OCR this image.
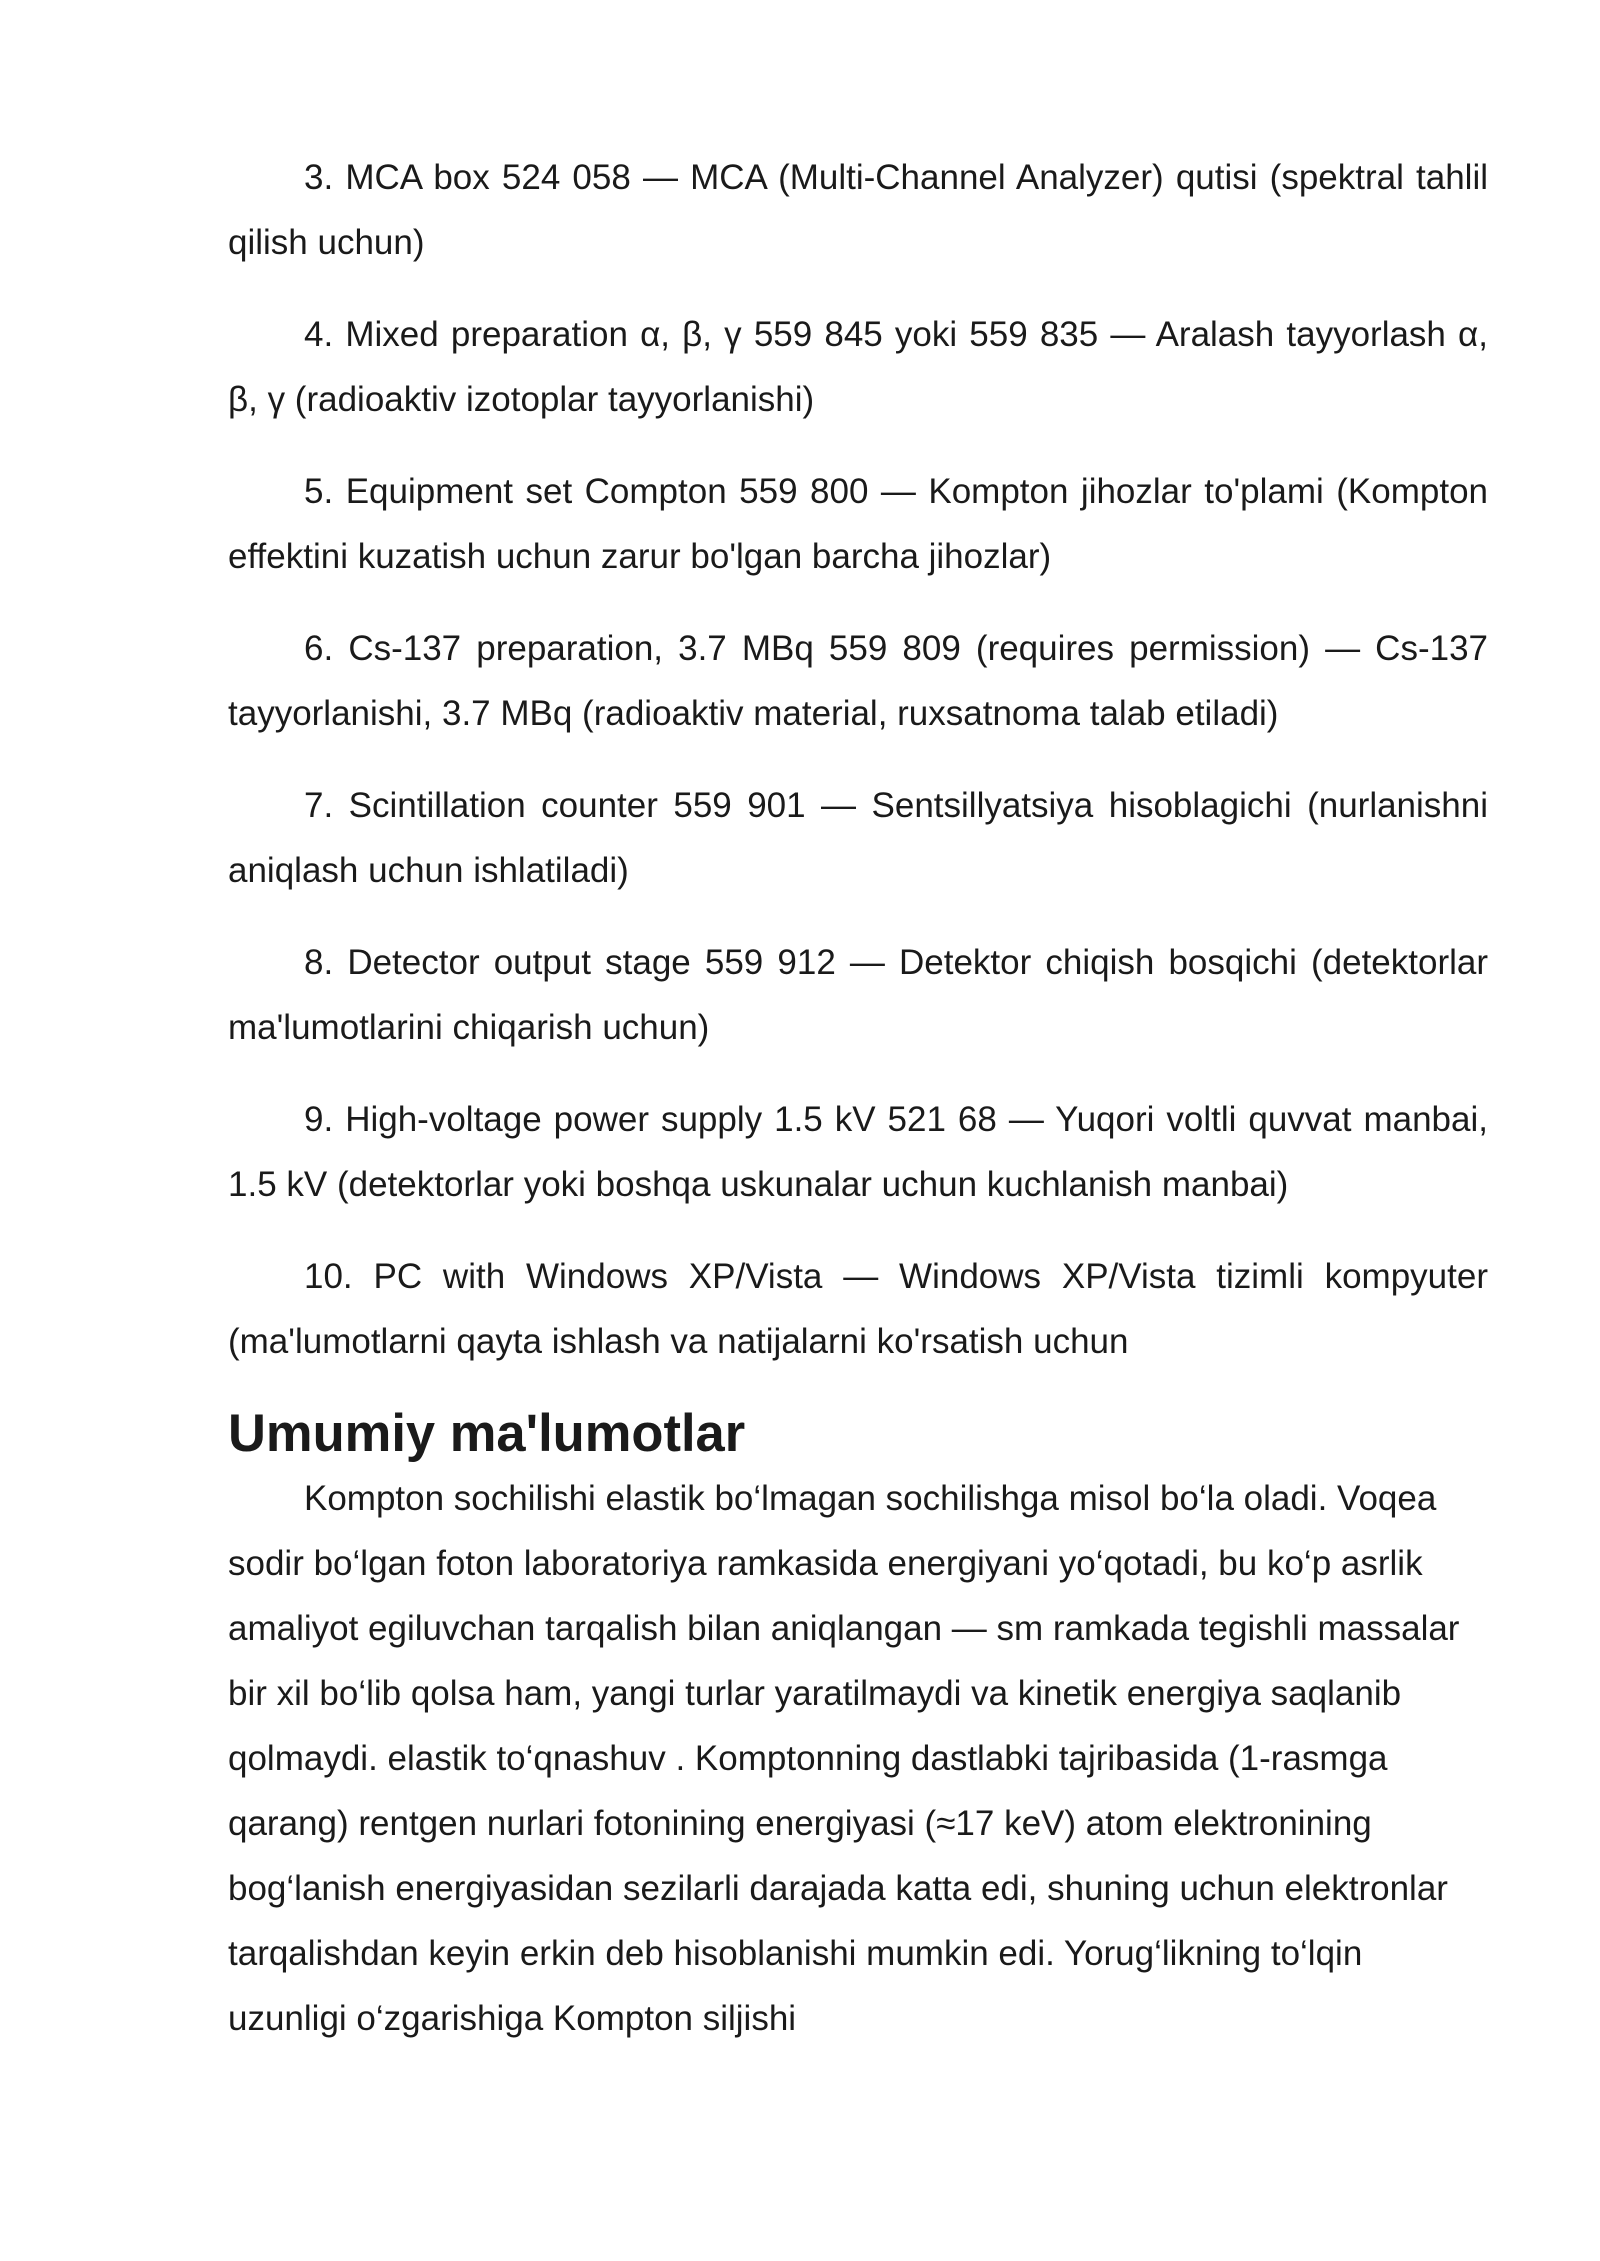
3. MCA box 524 058 — MCA (Multi-Channel Analyzer) qutisi (spektral tahlil qilish uchun)

4. Mixed preparation α, β, γ 559 845 yoki 559 835 — Aralash tayyorlash α, β, γ (radioaktiv izotoplar tayyorlanishi)

5. Equipment set Compton 559 800 — Kompton jihozlar to'plami (Kompton effektini kuzatish uchun zarur bo'lgan barcha jihozlar)

6. Cs-137 preparation, 3.7 MBq 559 809 (requires permission) — Cs-137 tayyorlanishi, 3.7 MBq (radioaktiv material, ruxsatnoma talab etiladi)

7. Scintillation counter 559 901 — Sentsillyatsiya hisoblagichi (nurlanishni aniqlash uchun ishlatiladi)

8. Detector output stage 559 912 — Detektor chiqish bosqichi (detektorlar ma'lumotlarini chiqarish uchun)

9. High-voltage power supply 1.5 kV 521 68 — Yuqori voltli quvvat manbai, 1.5 kV (detektorlar yoki boshqa uskunalar uchun kuchlanish manbai)

10. PC with Windows XP/Vista — Windows XP/Vista tizimli kompyuter (ma'lumotlarni qayta ishlash va natijalarni ko'rsatish uchun

Umumiy ma'lumotlar

Kompton sochilishi elastik bo‘lmagan sochilishga misol bo‘la oladi. Voqea sodir bo‘lgan foton laboratoriya ramkasida energiyani yo‘qotadi, bu ko‘p asrlik amaliyot egiluvchan tarqalish bilan aniqlangan — sm ramkada tegishli massalar bir xil bo‘lib qolsa ham, yangi turlar yaratilmaydi va kinetik energiya saqlanib qolmaydi. elastik to‘qnashuv . Komptonning dastlabki tajribasida (1-rasmga qarang) rentgen nurlari fotonining energiyasi (≈17 keV) atom elektronining bog‘lanish energiyasidan sezilarli darajada katta edi, shuning uchun elektronlar tarqalishdan keyin erkin deb hisoblanishi mumkin edi. Yorug‘likning to‘lqin uzunligi o‘zgarishiga Kompton siljishi
